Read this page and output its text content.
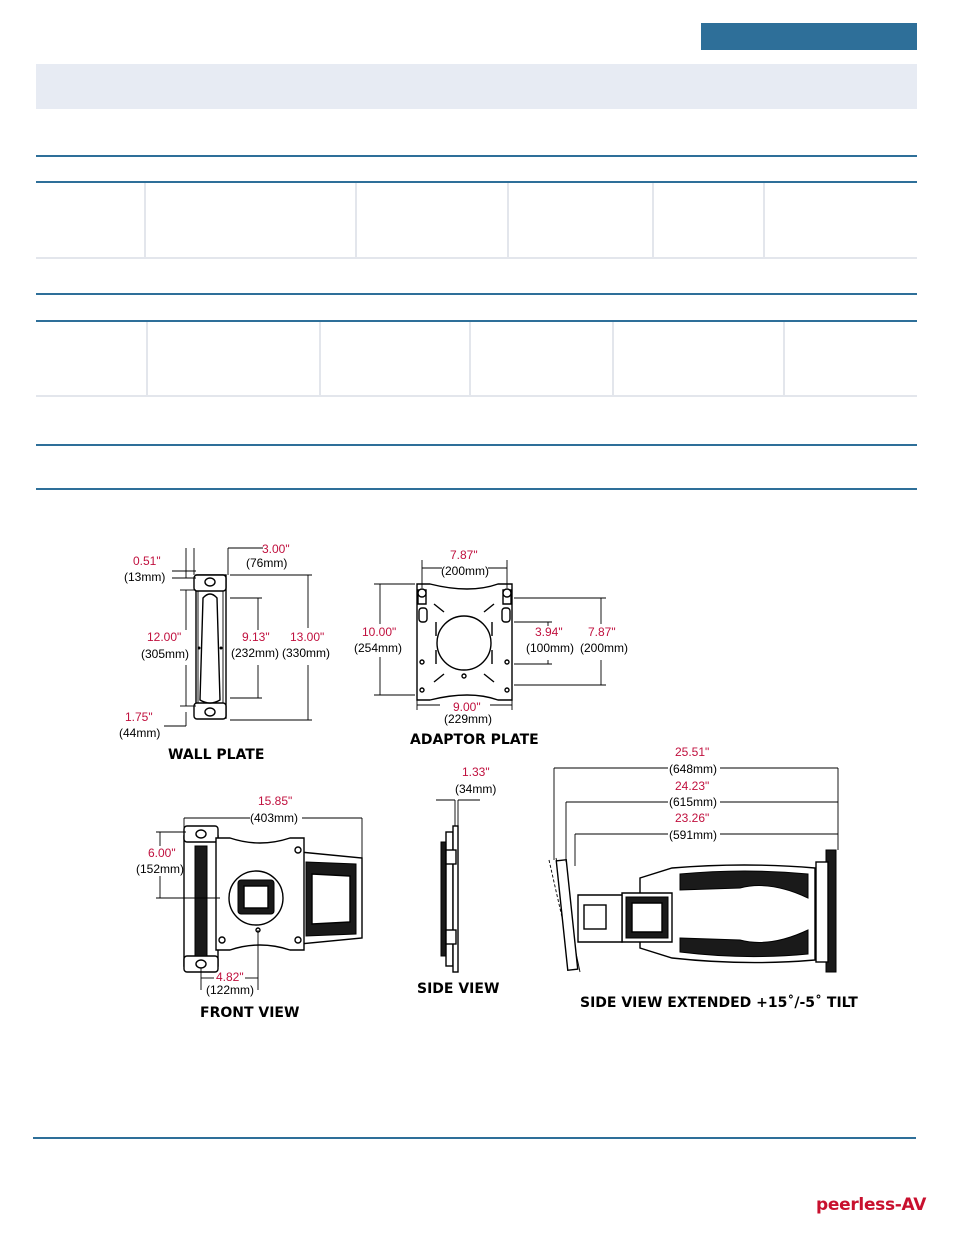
0.51"
(13mm)
3.00"
(76mm)
12.00"
(305mm)
9.13"
(232mm)
13.00"
(330mm)
1.75"
(44mm)
WALL PLATE
7.87"
(200mm)
10.00"
(254mm)
3.94"
(100mm)
7.87"
(200mm)
9.00"
(229mm)
ADAPTOR PLATE
15.85"
(403mm)
6.00"
(152mm)
4.82"
(122mm)
FRONT VIEW
1.33"
(34mm)
SIDE VIEW
25.51"
(648mm)
24.23"
(615mm)
23.26"
(591mm)
SIDE VIEW EXTENDED +15˚/-5˚ TILT
peerless-AV
